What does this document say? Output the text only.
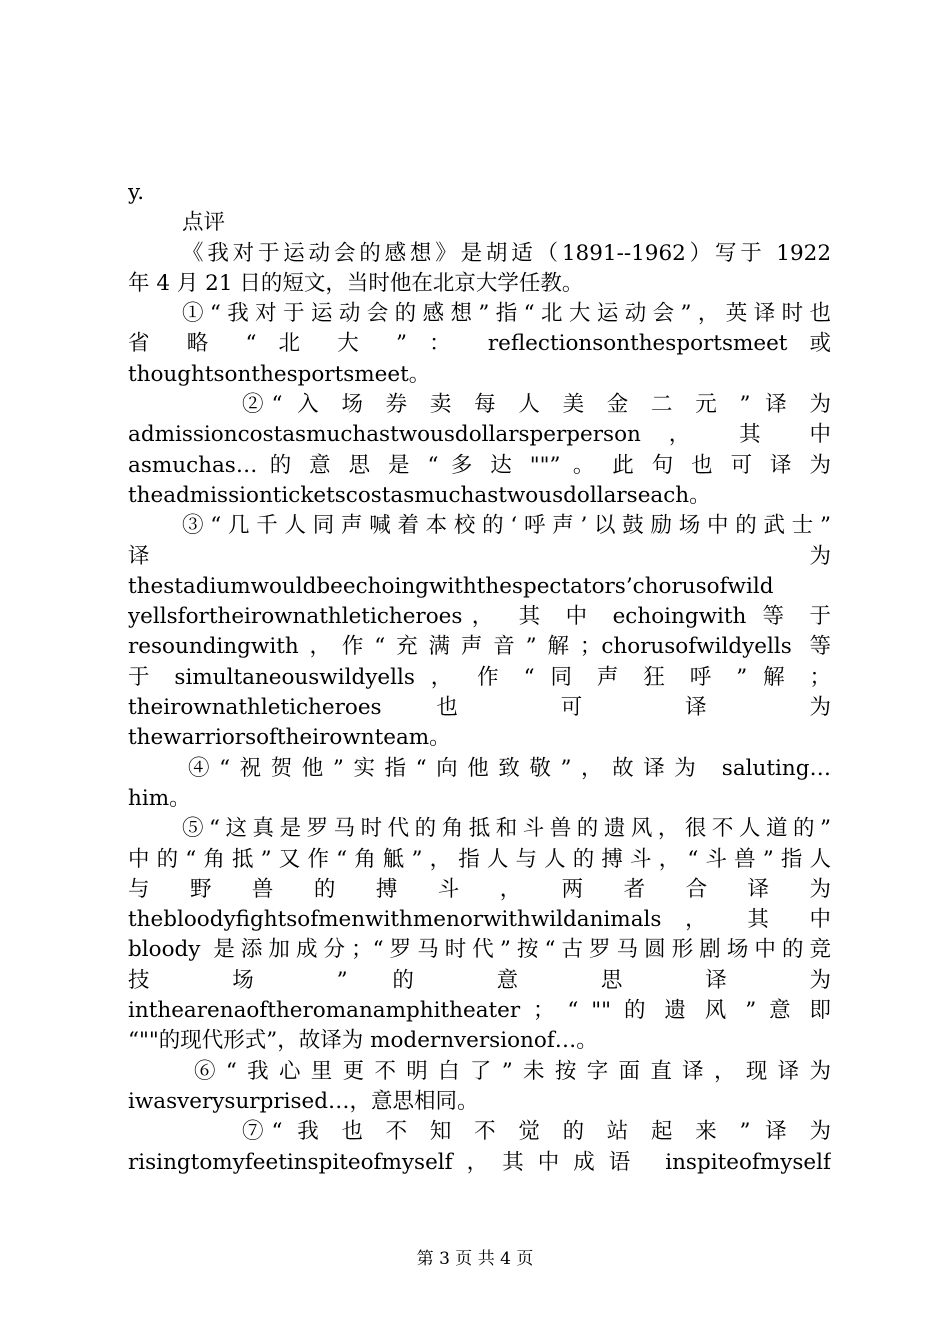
y.
点评
《我对于运动会的感想》是胡适（1891--1962）写于 1922
年 4 月 21 日的短文，当时他在北京大学任教。
①“我对于运动会的感想”指“北大运动会”，英译时也
省 略 “ 北 大 ” ： reflectionsonthesportsmeet 或
thoughtsonthesportsmeet。
②“ 入 场 券 卖 每 人 美 金 二 元 ” 译 为
admissioncostasmuchastwousdollarsperperson ， 其 中
asmuchas… 的 意 思 是 “ 多 达 ""” 。 此 句 也 可 译 为
theadmissionticketscostasmuchastwousdollarseach。
③“几千人同声喊着本校的‘呼声’以鼓励场中的武士”
译 为
thestadiumwouldbeechoingwiththespectators’chorusofwild
yellsfortheirownathleticheroes， 其 中 echoingwith 等 于
resoundingwith，作“充满声音”解；chorusofwildyells 等
于 simultaneouswildyells ， 作 “ 同 声 狂 呼 ” 解 ；
theirownathleticheroes 也 可 译 为
thewarriorsoftheirownteam。
④“祝贺他”实指“向他致敬”，故译为 saluting…
him。
⑤“这真是罗马时代的角抵和斗兽的遗风，很不人道的”
中的“角抵”又作“角觝”，指人与人的搏斗，“斗兽”指人
与 野 兽 的 搏 斗 ， 两 者 合 译 为
thebloodyfightsofmenwithmenorwithwildanimals ， 其 中
bloody 是添加成分；“罗马时代”按“古罗马圆形剧场中的竞
技 场 ” 的 意 思 译 为
inthearenaoftheromanamphitheater ； “ "" 的 遗 风 ” 意 即
“""的现代形式”，故译为 modernversionof…。
⑥“我心里更不明白了”未按字面直译，现译为
iwasverysurprised…，意思相同。
⑦“ 我 也 不 知 不 觉 的 站 起 来 ” 译 为
risingtomyfeetinspiteofmyself，其中成语 inspiteofmyself
第 3 页 共 4 页
